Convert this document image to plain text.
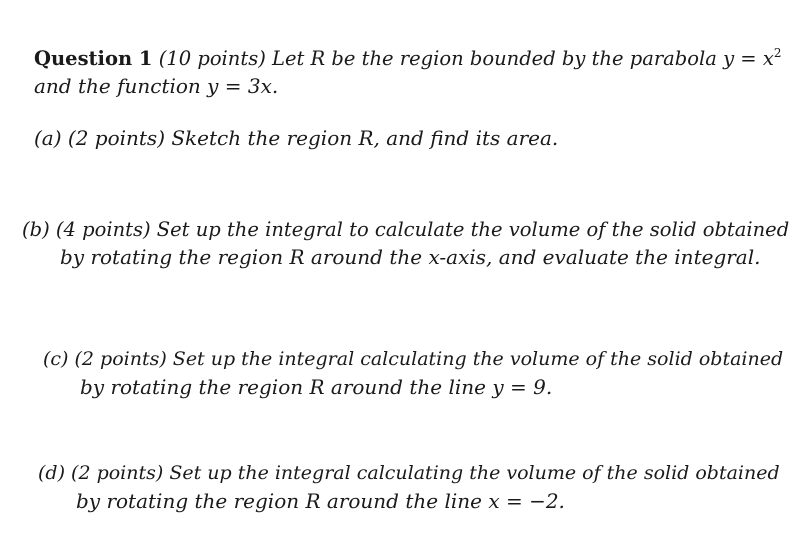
Question 1 (10 points) Let R be the region bounded by the parabola $y = x^2$
and the function y = 3x.
(a) (2 points) Sketch the region R, and find its area.
(b) (4 points) Set up the integral to calculate the volume of the solid obtained
by rotating the region R around the x-axis, and evaluate the integral.
(c) (2 points) Set up the integral calculating the volume of the solid obtained
by rotating the region R around the line y = 9.
(d) (2 points) Set up the integral calculating the volume of the solid obtained
by rotating the region R around the line x = −2.
